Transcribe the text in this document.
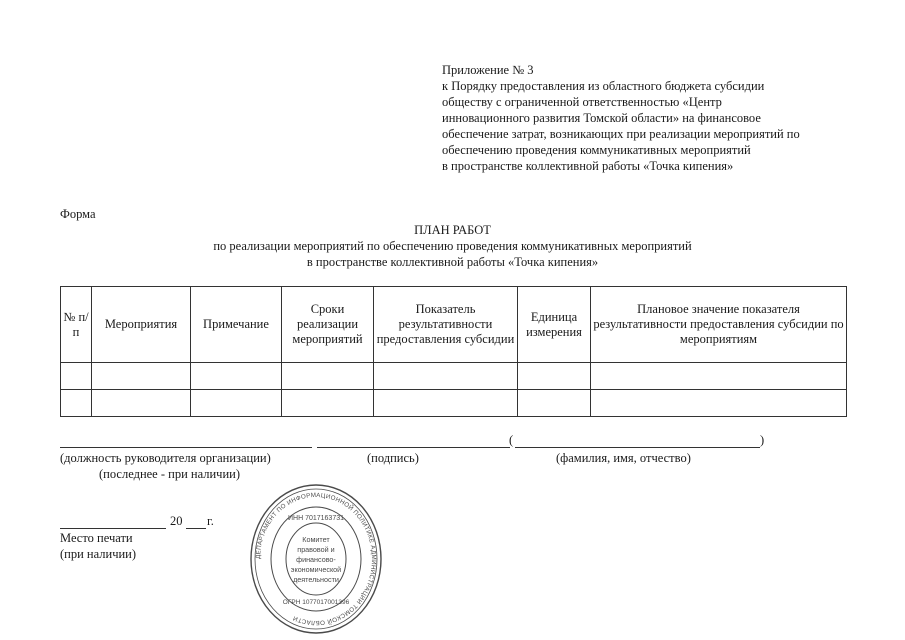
Приложение № 3
к Порядку предоставления из областного бюджета субсидии
обществу с ограниченной ответственностью «Центр
инновационного развития Томской области» на финансовое
обеспечение затрат, возникающих при реализации мероприятий по
обеспечению проведения коммуникативных мероприятий
в пространстве коллективной работы «Точка кипения»
Форма
ПЛАН РАБОТ
по реализации мероприятий по обеспечению проведения коммуникативных мероприятий
в пространстве коллективной работы «Точка кипения»
№ п/п	Мероприятия	Примечание	Сроки реализации мероприятий	Показатель результативности предоставления субсидии	Единица измерения	Плановое значение показателя результативности предоставления субсидии по мероприятиям

(	)
(должность руководителя организации)	(подпись)	(фамилия, имя, отчество)
(последнее - при наличии)
20 г.
Место печати
(при наличии)	ДЕПАРТАМЕНТ ПО ИНФОРМАЦИОННОЙ ПОЛИТИКЕ АДМИНИСТРАЦИИ ТОМСКОЙ ОБЛАСТИ
ИНН 7017163731
ОГРН 1077017001396
Комитет
правовой и
финансово-
экономической
деятельности
